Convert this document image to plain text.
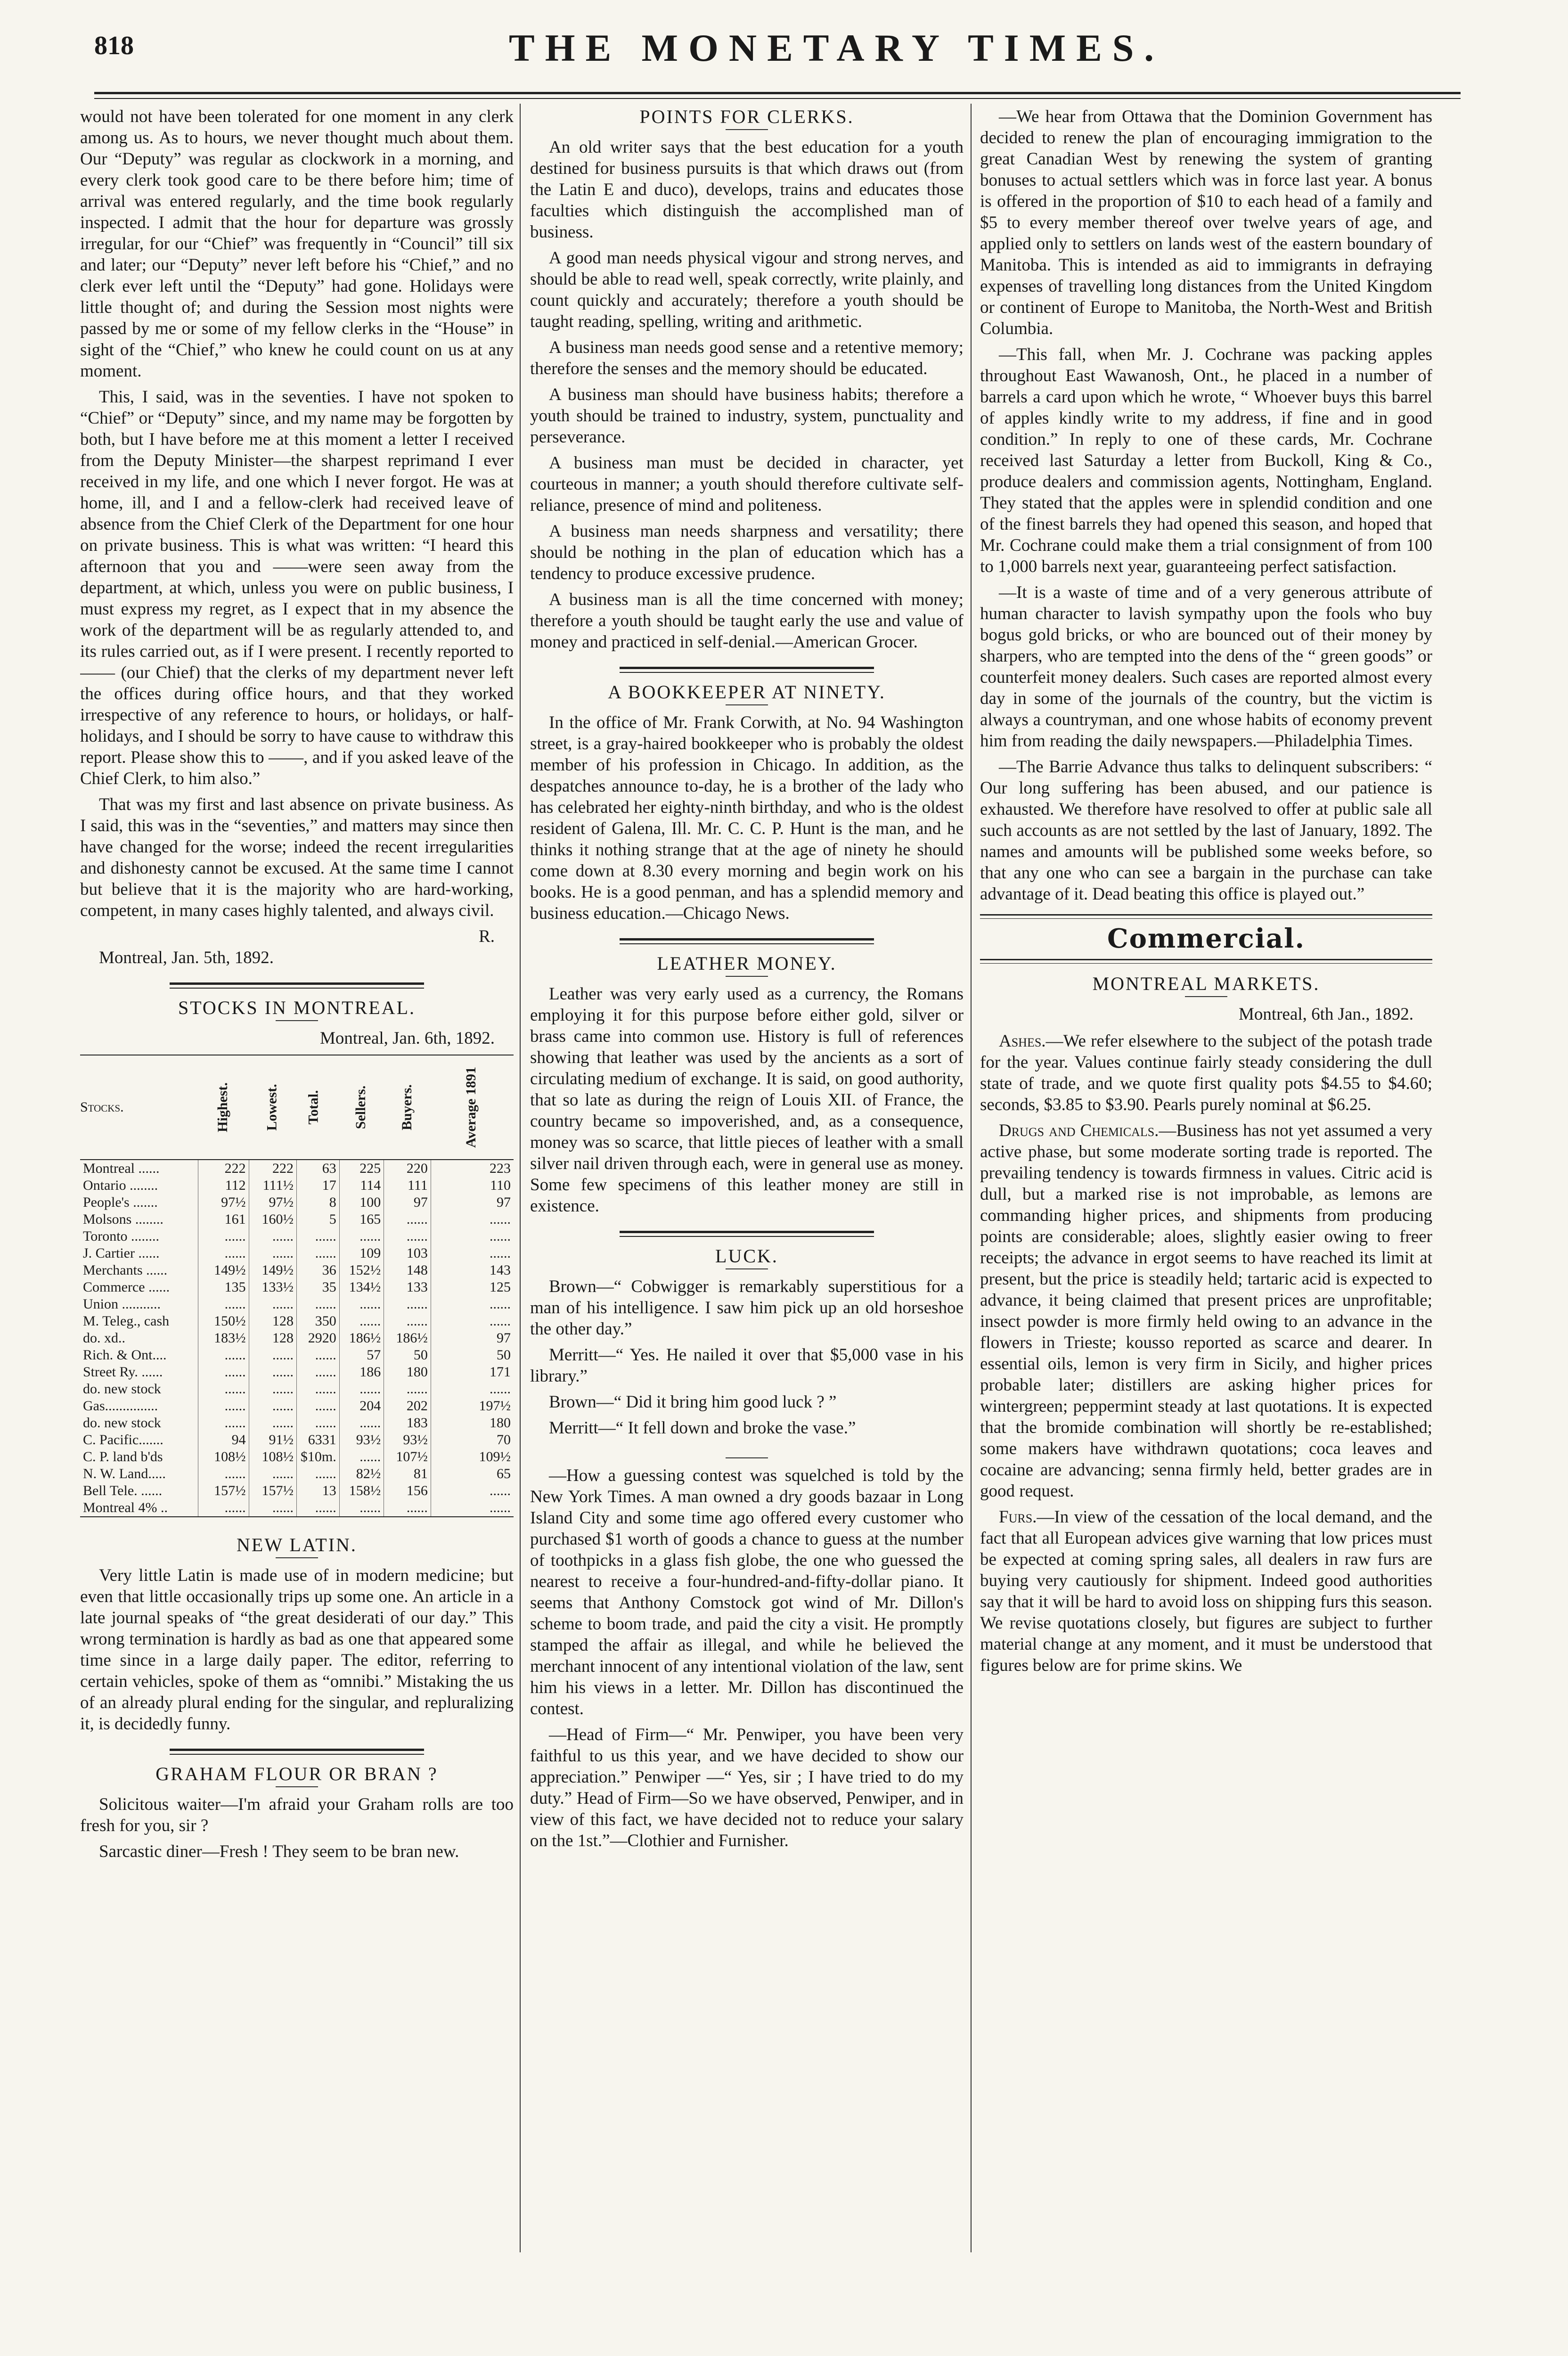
818	THE MONETARY TIMES.

would not have been tolerated for one moment in any clerk among us. As to hours, we never thought much about them. Our “Deputy” was regular as clockwork in a morning, and every clerk took good care to be there before him; time of arrival was entered regularly, and the time book regularly inspected. I admit that the hour for departure was grossly irregular, for our “Chief” was frequently in “Council” till six and later; our “Deputy” never left before his “Chief,” and no clerk ever left until the “Deputy” had gone. Holidays were little thought of; and during the Session most nights were passed by me or some of my fellow clerks in the “House” in sight of the “Chief,” who knew he could count on us at any moment.

This, I said, was in the seventies. I have not spoken to “Chief” or “Deputy” since, and my name may be forgotten by both, but I have before me at this moment a letter I received from the Deputy Minister—the sharpest reprimand I ever received in my life, and one which I never forgot. He was at home, ill, and I and a fellow-clerk had received leave of absence from the Chief Clerk of the Department for one hour on private business. This is what was written: “I heard this afternoon that you and ——were seen away from the department, at which, unless you were on public business, I must express my regret, as I expect that in my absence the work of the department will be as regularly attended to, and its rules carried out, as if I were present. I recently reported to —— (our Chief) that the clerks of my department never left the offices during office hours, and that they worked irrespective of any reference to hours, or holidays, or half-holidays, and I should be sorry to have cause to withdraw this report. Please show this to ——, and if you asked leave of the Chief Clerk, to him also.”

That was my first and last absence on private business. As I said, this was in the “seventies,” and matters may since then have changed for the worse; indeed the recent irregularities and dishonesty cannot be excused. At the same time I cannot but believe that it is the majority who are hard-working, competent, in many cases highly talented, and always civil.

R.

Montreal, Jan. 5th, 1892.

STOCKS IN MONTREAL.
Montreal, Jan. 6th, 1892.
Stocks.	Highest.	Lowest.	Total.	Sellers.	Buyers.	Average 1891
Montreal ......	222	222	63	225	220	223
Ontario ........	112	111½	17	114	111	110
People's .......	97½	97½	8	100	97	97
Molsons ........	161	160½	5	165	......	......
Toronto ........	......	......	......	......	......	......
J. Cartier ......	......	......	......	109	103	......
Merchants ......	149½	149½	36	152½	148	143
Commerce ......	135	133½	35	134½	133	125
Union ...........	......	......	......	......	......	......
M. Teleg., cash	150½	128	350	......	......	......
do. xd..	183½	128	2920	186½	186½	97
Rich. & Ont....	......	......	......	57	50	50
Street Ry. ......	......	......	......	186	180	171
do. new stock	......	......	......	......	......	......
Gas...............	......	......	......	204	202	197½
do. new stock	......	......	......	......	183	180
C. Pacific.......	94	91½	6331	93½	93½	70
C. P. land b'ds	108½	108½	$10m.	......	107½	109½
N. W. Land.....	......	......	......	82½	81	65
Bell Tele. ......	157½	157½	13	158½	156	......
Montreal 4% ..	......	......	......	......	......	......
NEW LATIN.

Very little Latin is made use of in modern medicine; but even that little occasionally trips up some one. An article in a late journal speaks of “the great desiderati of our day.” This wrong termination is hardly as bad as one that appeared some time since in a large daily paper. The editor, referring to certain vehicles, spoke of them as “omnibi.” Mistaking the us of an already plural ending for the singular, and repluralizing it, is decidedly funny.

GRAHAM FLOUR OR BRAN ?

Solicitous waiter—I'm afraid your Graham rolls are too fresh for you, sir ?

Sarcastic diner—Fresh ! They seem to be bran new.

POINTS FOR CLERKS.

An old writer says that the best education for a youth destined for business pursuits is that which draws out (from the Latin E and duco), develops, trains and educates those faculties which distinguish the accomplished man of business.

A good man needs physical vigour and strong nerves, and should be able to read well, speak correctly, write plainly, and count quickly and accurately; therefore a youth should be taught reading, spelling, writing and arithmetic.

A business man needs good sense and a retentive memory; therefore the senses and the memory should be educated.

A business man should have business habits; therefore a youth should be trained to industry, system, punctuality and perseverance.

A business man must be decided in character, yet courteous in manner; a youth should therefore cultivate self-reliance, presence of mind and politeness.

A business man needs sharpness and versatility; there should be nothing in the plan of education which has a tendency to produce excessive prudence.

A business man is all the time concerned with money; therefore a youth should be taught early the use and value of money and practiced in self-denial.—American Grocer.

A BOOKKEEPER AT NINETY.

In the office of Mr. Frank Corwith, at No. 94 Washington street, is a gray-haired bookkeeper who is probably the oldest member of his profession in Chicago. In addition, as the despatches announce to-day, he is a brother of the lady who has celebrated her eighty-ninth birthday, and who is the oldest resident of Galena, Ill. Mr. C. C. P. Hunt is the man, and he thinks it nothing strange that at the age of ninety he should come down at 8.30 every morning and begin work on his books. He is a good penman, and has a splendid memory and business education.—Chicago News.

LEATHER MONEY.

Leather was very early used as a currency, the Romans employing it for this purpose before either gold, silver or brass came into common use. History is full of references showing that leather was used by the ancients as a sort of circulating medium of exchange. It is said, on good authority, that so late as during the reign of Louis XII. of France, the country became so impoverished, and, as a consequence, money was so scarce, that little pieces of leather with a small silver nail driven through each, were in general use as money. Some few specimens of this leather money are still in existence.

LUCK.

Brown—“ Cobwigger is remarkably superstitious for a man of his intelligence. I saw him pick up an old horseshoe the other day.”

Merritt—“ Yes. He nailed it over that $5,000 vase in his library.”

Brown—“ Did it bring him good luck ? ”

Merritt—“ It fell down and broke the vase.”

—How a guessing contest was squelched is told by the New York Times. A man owned a dry goods bazaar in Long Island City and some time ago offered every customer who purchased $1 worth of goods a chance to guess at the number of toothpicks in a glass fish globe, the one who guessed the nearest to receive a four-hundred-and-fifty-dollar piano. It seems that Anthony Comstock got wind of Mr. Dillon's scheme to boom trade, and paid the city a visit. He promptly stamped the affair as illegal, and while he believed the merchant innocent of any intentional violation of the law, sent him his views in a letter. Mr. Dillon has discontinued the contest.

—Head of Firm—“ Mr. Penwiper, you have been very faithful to us this year, and we have decided to show our appreciation.” Penwiper —“ Yes, sir ; I have tried to do my duty.” Head of Firm—So we have observed, Penwiper, and in view of this fact, we have decided not to reduce your salary on the 1st.”—Clothier and Furnisher.

—We hear from Ottawa that the Dominion Government has decided to renew the plan of encouraging immigration to the great Canadian West by renewing the system of granting bonuses to actual settlers which was in force last year. A bonus is offered in the proportion of $10 to each head of a family and $5 to every member thereof over twelve years of age, and applied only to settlers on lands west of the eastern boundary of Manitoba. This is intended as aid to immigrants in defraying expenses of travelling long distances from the United Kingdom or continent of Europe to Manitoba, the North-West and British Columbia.

—This fall, when Mr. J. Cochrane was packing apples throughout East Wawanosh, Ont., he placed in a number of barrels a card upon which he wrote, “ Whoever buys this barrel of apples kindly write to my address, if fine and in good condition.” In reply to one of these cards, Mr. Cochrane received last Saturday a letter from Buckoll, King & Co., produce dealers and commission agents, Nottingham, England. They stated that the apples were in splendid condition and one of the finest barrels they had opened this season, and hoped that Mr. Cochrane could make them a trial consignment of from 100 to 1,000 barrels next year, guaranteeing perfect satisfaction.

—It is a waste of time and of a very generous attribute of human character to lavish sympathy upon the fools who buy bogus gold bricks, or who are bounced out of their money by sharpers, who are tempted into the dens of the “ green goods” or counterfeit money dealers. Such cases are reported almost every day in some of the journals of the country, but the victim is always a countryman, and one whose habits of economy prevent him from reading the daily newspapers.—Philadelphia Times.

—The Barrie Advance thus talks to delinquent subscribers: “ Our long suffering has been abused, and our patience is exhausted. We therefore have resolved to offer at public sale all such accounts as are not settled by the last of January, 1892. The names and amounts will be published some weeks before, so that any one who can see a bargain in the purchase can take advantage of it. Dead beating this office is played out.”

Commercial.
MONTREAL MARKETS.
Montreal, 6th Jan., 1892.

Ashes.—We refer elsewhere to the subject of the potash trade for the year. Values continue fairly steady considering the dull state of trade, and we quote first quality pots $4.55 to $4.60; seconds, $3.85 to $3.90. Pearls purely nominal at $6.25.

Drugs and Chemicals.—Business has not yet assumed a very active phase, but some moderate sorting trade is reported. The prevailing tendency is towards firmness in values. Citric acid is dull, but a marked rise is not improbable, as lemons are commanding higher prices, and shipments from producing points are considerable; aloes, slightly easier owing to freer receipts; the advance in ergot seems to have reached its limit at present, but the price is steadily held; tartaric acid is expected to advance, it being claimed that present prices are unprofitable; insect powder is more firmly held owing to an advance in the flowers in Trieste; kousso reported as scarce and dearer. In essential oils, lemon is very firm in Sicily, and higher prices probable later; distillers are asking higher prices for wintergreen; peppermint steady at last quotations. It is expected that the bromide combination will shortly be re-established; some makers have withdrawn quotations; coca leaves and cocaine are advancing; senna firmly held, better grades are in good request.

Furs.—In view of the cessation of the local demand, and the fact that all European advices give warning that low prices must be expected at coming spring sales, all dealers in raw furs are buying very cautiously for shipment. Indeed good authorities say that it will be hard to avoid loss on shipping furs this season. We revise quotations closely, but figures are subject to further material change at any moment, and it must be understood that figures below are for prime skins. We
